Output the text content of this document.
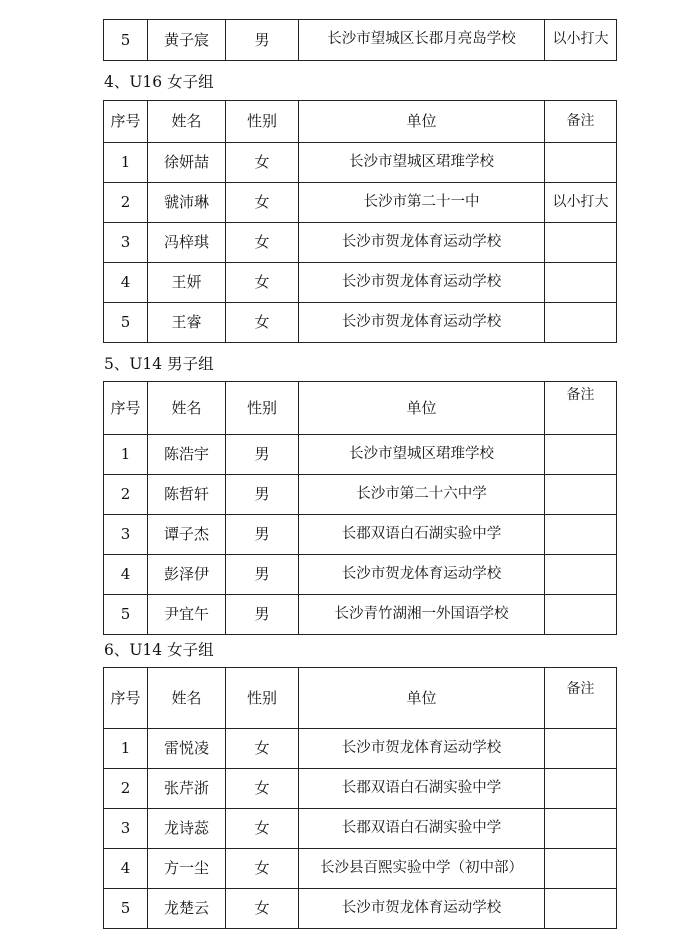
5	黄子宸	男	长沙市望城区长郡月亮岛学校	以小打大
4、U16 女子组
序号	姓名	性别	单位	备注
1	徐妍喆	女	长沙市望城区珺琟学校	
2	虢沛琳	女	长沙市第二十一中	以小打大
3	冯梓琪	女	长沙市贺龙体育运动学校	
4	王妍	女	长沙市贺龙体育运动学校	
5	王睿	女	长沙市贺龙体育运动学校	
5、U14 男子组
序号	姓名	性别	单位	备注
1	陈浩宇	男	长沙市望城区珺琟学校	
2	陈哲轩	男	长沙市第二十六中学	
3	谭子杰	男	长郡双语白石湖实验中学	
4	彭泽伊	男	长沙市贺龙体育运动学校	
5	尹宜午	男	长沙青竹湖湘一外国语学校	
6、U14 女子组
序号	姓名	性别	单位	备注
1	雷悦凌	女	长沙市贺龙体育运动学校	
2	张芹浙	女	长郡双语白石湖实验中学	
3	龙诗蕊	女	长郡双语白石湖实验中学	
4	方一尘	女	长沙县百熙实验中学（初中部）	
5	龙楚云	女	长沙市贺龙体育运动学校	
